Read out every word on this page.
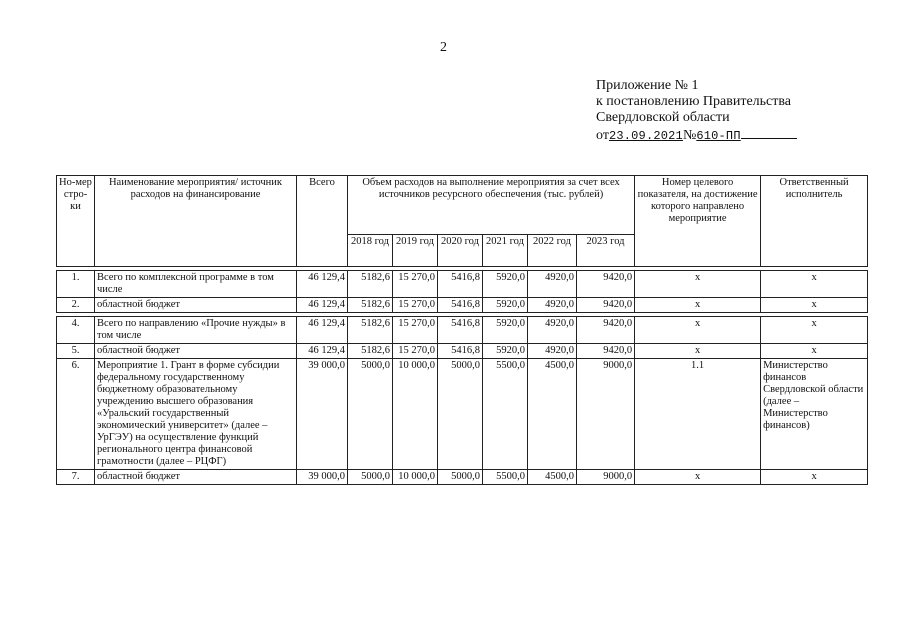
2
Приложение № 1
к постановлению Правительства
Свердловской области
от23.09.2021№610-ПП
Но-мер стро-ки	Наименование мероприятия/ источник расходов на финансирование	Всего	Объем расходов на выполнение мероприятия за счет всех источников ресурсного обеспечения (тыс. рублей)						Номер целевого показателя, на достижение которого направлено мероприятие	Ответственный исполнитель
			2018 год	2019 год	2020 год	2021 год	2022 год	2023 год		

1.	Всего по комплексной программе в том числе	46 129,4	5182,6	15 270,0	5416,8	5920,0	4920,0	9420,0	х	х
2.	областной бюджет	46 129,4	5182,6	15 270,0	5416,8	5920,0	4920,0	9420,0	х	х

4.	Всего по направлению «Прочие нужды» в том числе	46 129,4	5182,6	15 270,0	5416,8	5920,0	4920,0	9420,0	х	х
5.	областной бюджет	46 129,4	5182,6	15 270,0	5416,8	5920,0	4920,0	9420,0	х	х
6.	Мероприятие 1. Грант в форме субсидии федеральному государственному бюджетному образовательному учреждению высшего образования «Уральский государственный экономический университет» (далее – УрГЭУ) на осуществление функций регионального центра финансовой грамотности (далее – РЦФГ)	39 000,0	5000,0	10 000,0	5000,0	5500,0	4500,0	9000,0	1.1	Министерство финансов Свердловской области (далее – Министерство финансов)
7.	областной бюджет	39 000,0	5000,0	10 000,0	5000,0	5500,0	4500,0	9000,0	х	х
